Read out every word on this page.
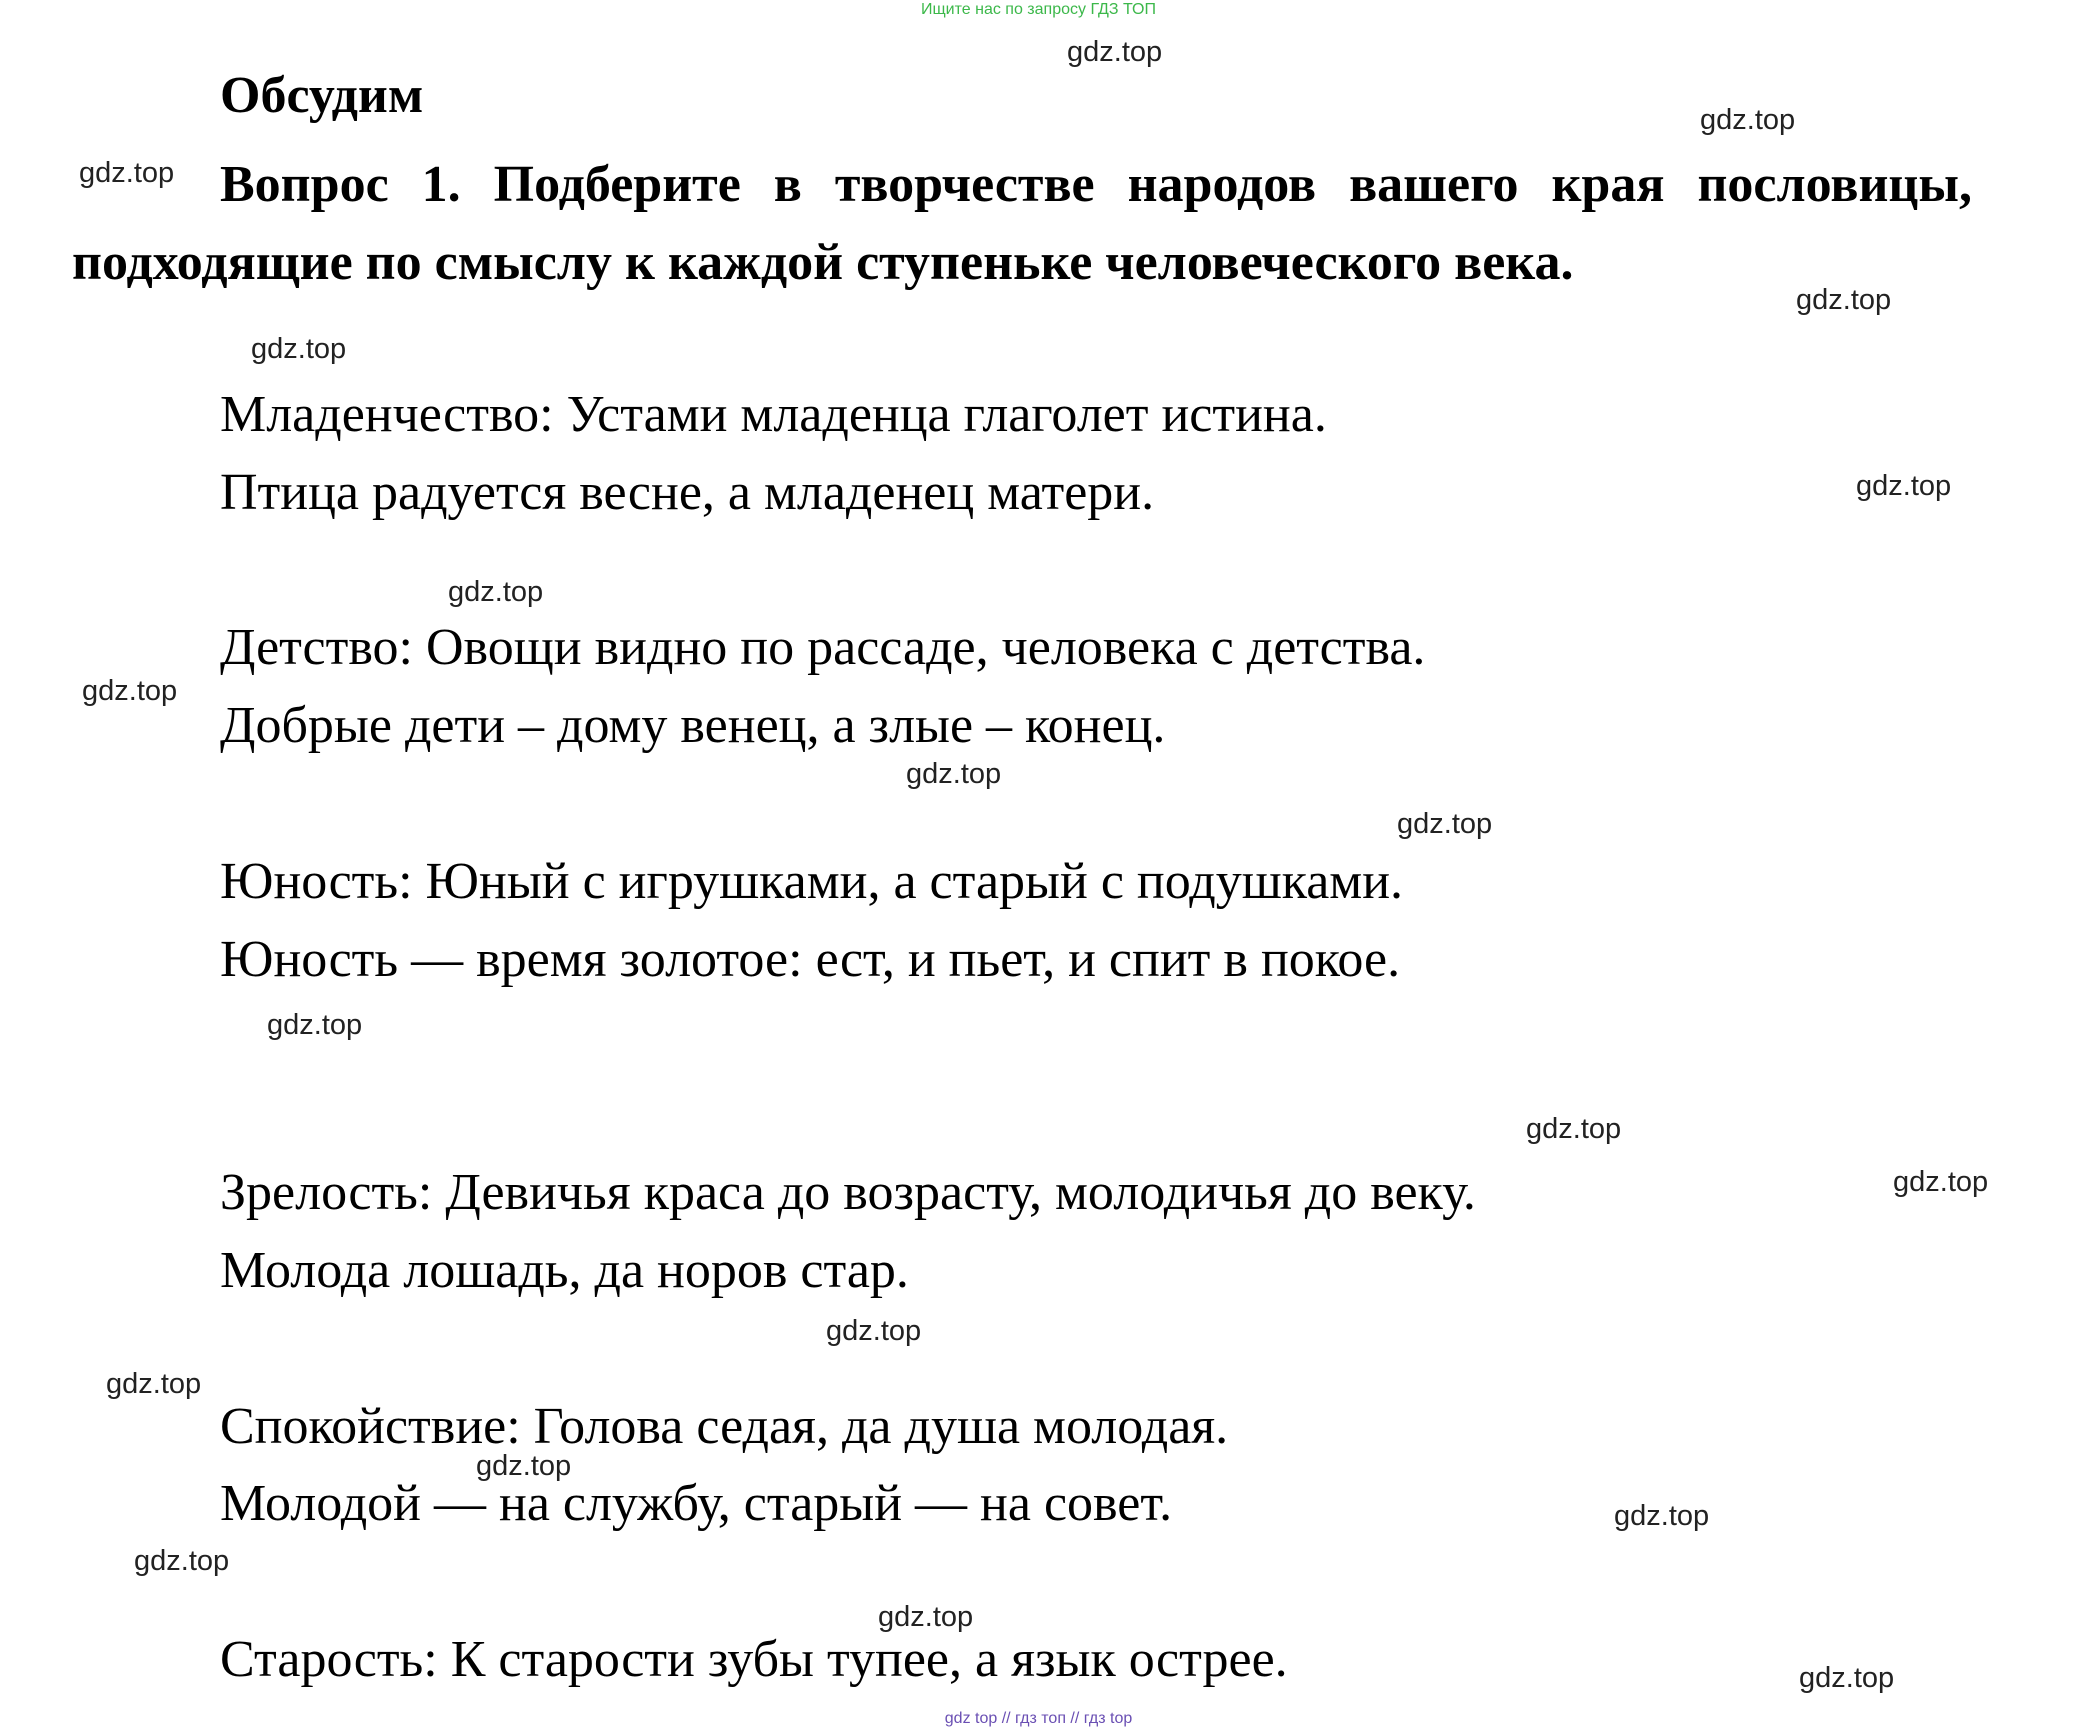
Ищите нас по запросу ГДЗ ТОП
Обсудим
Вопрос 1. Подберите в творчестве народов вашего края пословицы, подходящие по смыслу к каждой ступеньке человеческого века.
Младенчество: Устами младенца глаголет истина.
Птица радуется весне, а младенец матери.
Детство: Овощи видно по рассаде, человека с детства.
Добрые дети – дому венец, а злые – конец.
Юность: Юный с игрушками, а старый с подушками.
Юность — время золотое: ест, и пьет, и спит в покое.
Зрелость: Девичья краса до возрасту, молодичья до веку.
Молода лошадь, да норов стар.
Спокойствие: Голова седая, да душа молодая.
Молодой — на службу, старый — на совет.
Старость: К старости зубы тупее, а язык острее.
gdz.top
gdz.top
gdz.top
gdz.top
gdz.top
gdz.top
gdz.top
gdz.top
gdz.top
gdz.top
gdz.top
gdz.top
gdz.top
gdz.top
gdz.top
gdz.top
gdz.top
gdz.top
gdz.top
gdz.top
gdz top // гдз топ // гдз top
